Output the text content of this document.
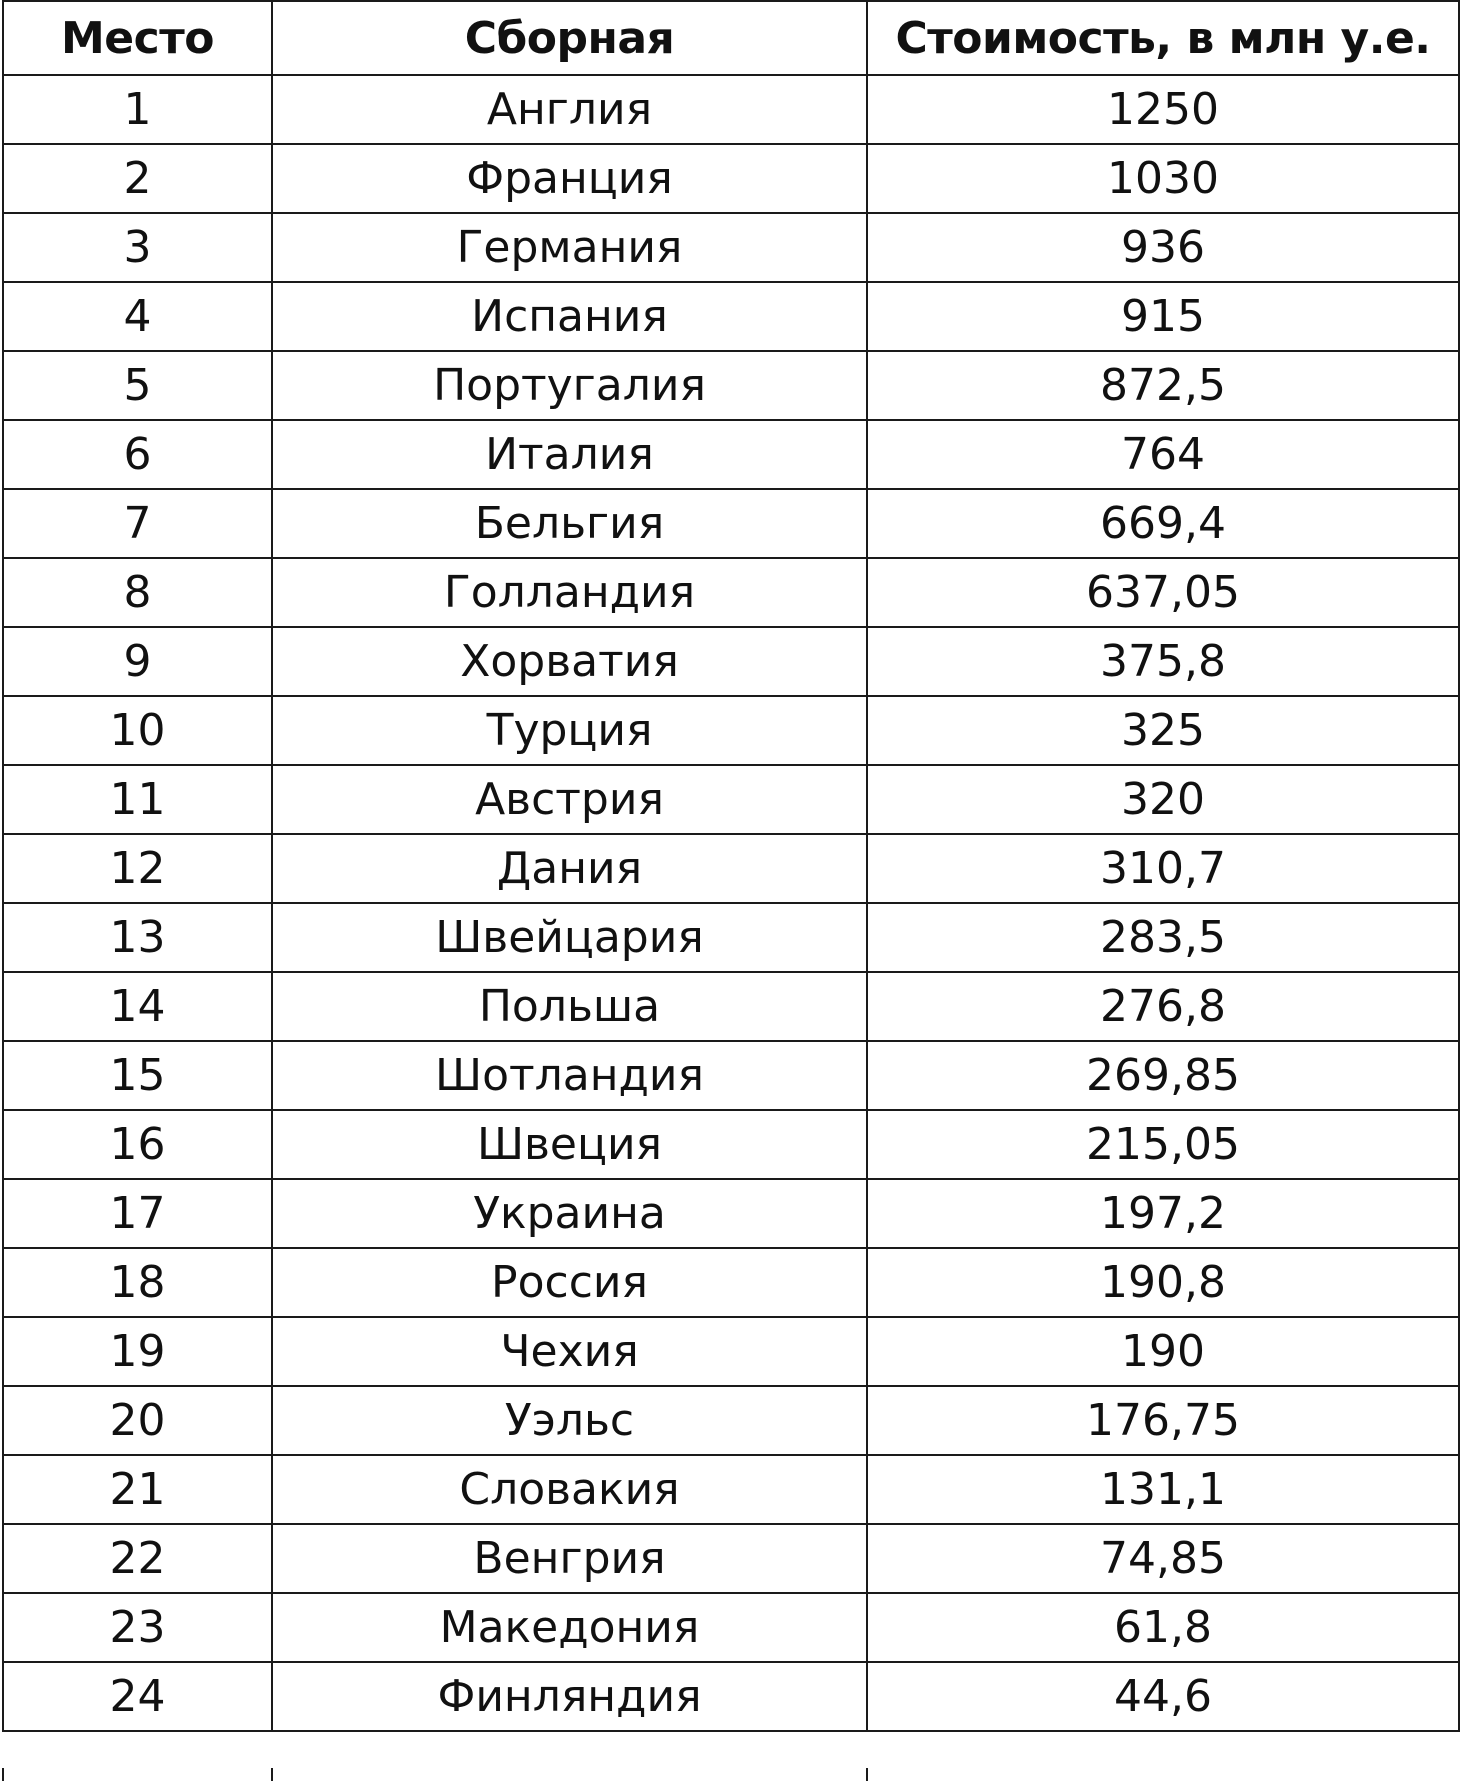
Место	Сборная	Стоимость, в млн у.е.
1	Англия	1250
2	Франция	1030
3	Германия	936
4	Испания	915
5	Португалия	872,5
6	Италия	764
7	Бельгия	669,4
8	Голландия	637,05
9	Хорватия	375,8
10	Турция	325
11	Австрия	320
12	Дания	310,7
13	Швейцария	283,5
14	Польша	276,8
15	Шотландия	269,85
16	Швеция	215,05
17	Украина	197,2
18	Россия	190,8
19	Чехия	190
20	Уэльс	176,75
21	Словакия	131,1
22	Венгрия	74,85
23	Македония	61,8
24	Финляндия	44,6
